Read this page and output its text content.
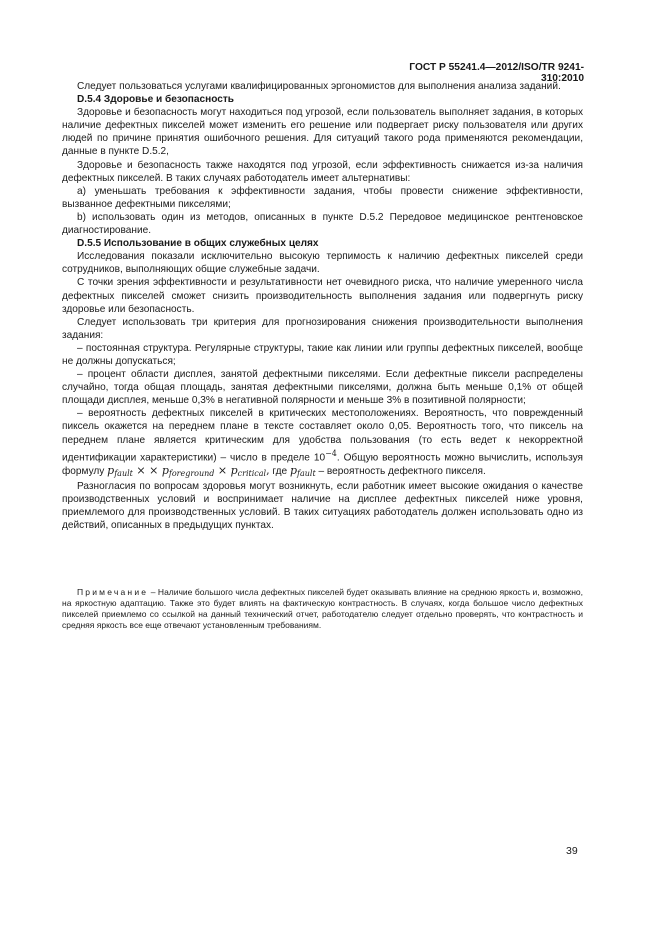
ГОСТ Р 55241.4—2012/ISO/TR 9241-310:2010

Следует пользоваться услугами квалифицированных эргономистов для выполнения анализа заданий.

D.5.4 Здоровье и безопасность

Здоровье и безопасность могут находиться под угрозой, если пользователь выполняет задания, в которых наличие дефектных пикселей может изменить его решение или подвергает риску пользователя или других людей по причине принятия ошибочного решения. Для ситуаций такого рода применяются рекомендации, данные в пункте D.5.2,

Здоровье и безопасность также находятся под угрозой, если эффективность снижается из-за наличия дефектных пикселей. В таких случаях работодатель имеет альтернативы:

а) уменьшать требования к эффективности задания, чтобы провести снижение эффективности, вызванное дефектными пикселями;

b) использовать один из методов, описанных в пункте D.5.2 Передовое медицинское рентгеновское диагностирование.

D.5.5 Использование в общих служебных целях

Исследования показали исключительно высокую терпимость к наличию дефектных пикселей среди сотрудников, выполняющих общие служебные задачи.

С точки зрения эффективности и результативности нет очевидного риска, что наличие умеренного числа дефектных пикселей сможет снизить производительность выполнения задания или подвергнуть риску здоровье или безопасность.

Следует использовать три критерия для прогнозирования снижения производительности выполнения задания:

– постоянная структура. Регулярные структуры, такие как линии или группы дефектных пикселей, вообще не должны допускаться;

– процент области дисплея, занятой дефектными пикселями. Если дефектные пиксели распределены случайно, тогда общая площадь, занятая дефектными пикселями, должна быть меньше 0,1% от общей площади дисплея, меньше 0,3% в негативной полярности и меньше 3% в позитивной полярности;

– вероятность дефектных пикселей в критических местоположениях. Вероятность, что поврежденный пиксель окажется на переднем плане в тексте составляет около 0,05. Вероятность того, что пиксель на переднем плане является критическим для удобства пользования (то есть ведет к некорректной идентификации характеристики) – число в пределе $10^{-4}$. Общую вероятность можно вычислить, используя формулу $p_{fault}$ × × $p_{foreground} \times p_{critical}$, где $p_{fault}$ – вероятность дефектного пикселя.

Разногласия по вопросам здоровья могут возникнуть, если работник имеет высокие ожидания о качестве производственных условий и воспринимает наличие на дисплее дефектных пикселей ниже уровня, приемлемого для производственных условий. В таких ситуациях работодатель должен использовать одно из действий, описанных в предыдущих пунктах.

Примечание – Наличие большого числа дефектных пикселей будет оказывать влияние на среднюю яркость и, возможно, на яркостную адаптацию. Также это будет влиять на фактическую контрастность. В случаях, когда большое число дефектных пикселей приемлемо со ссылкой на данный технический отчет, работодателю следует отдельно проверять, что контрастность и средняя яркость все еще отвечают установленным требованиям.
39
